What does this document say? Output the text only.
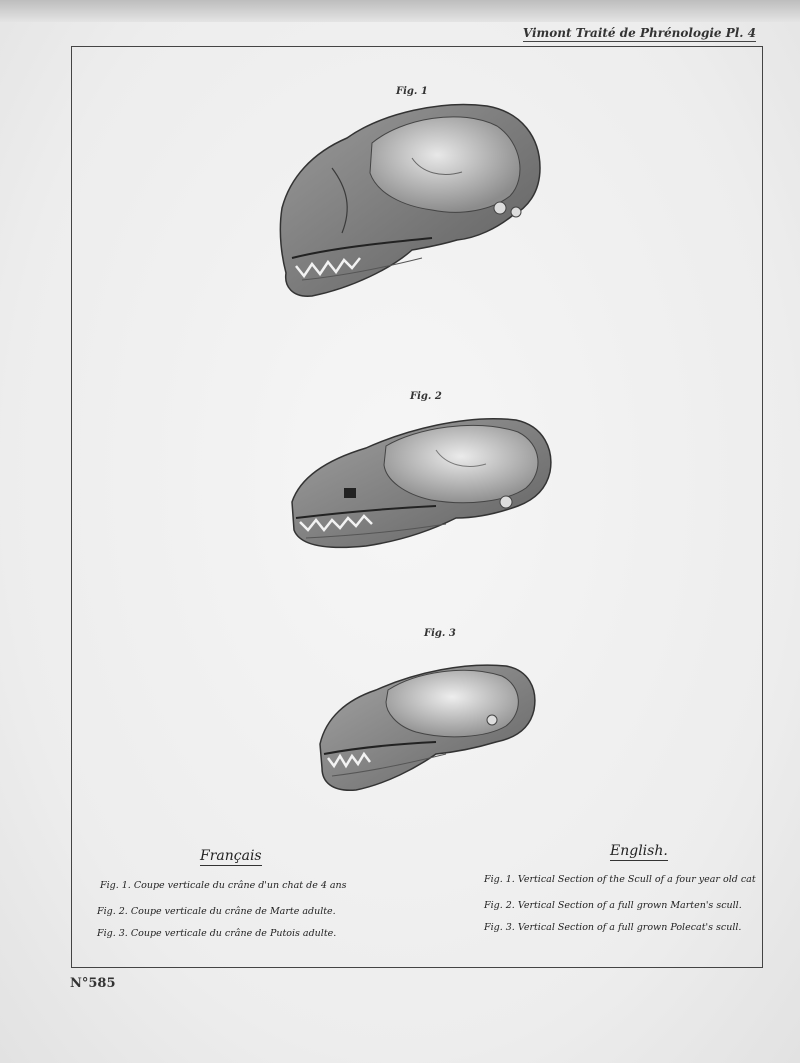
Vimont Traité de Phrénologie Pl. 4
Fig. 1
Fig. 2
Fig. 3
Français
Fig. 1. Coupe verticale du crâne d'un chat de 4 ans
Fig. 2. Coupe verticale du crâne de Marte adulte.
Fig. 3. Coupe verticale du crâne de Putois adulte.
English.
Fig. 1. Vertical Section of the Scull of a four year old cat
Fig. 2. Vertical Section of a full grown Marten's scull.
Fig. 3. Vertical Section of a full grown Polecat's scull.
N°585
